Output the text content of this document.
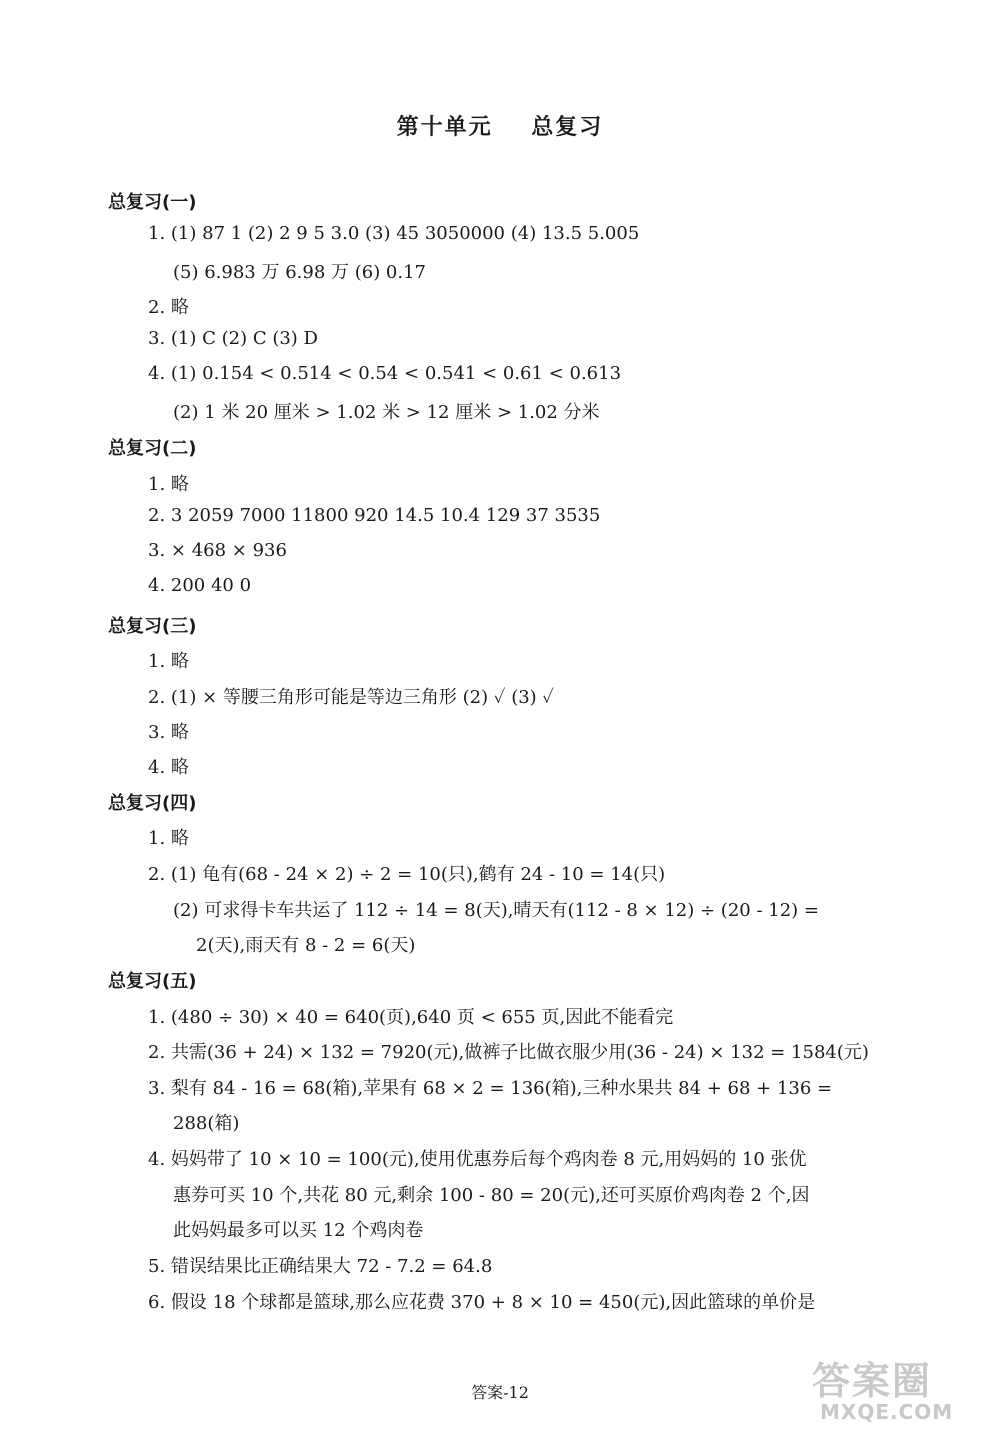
第十单元    总复习
总复习(一)
1. (1) 87 1 (2) 2 9 5 3.0 (3) 45 3050000 (4) 13.5 5.005
(5) 6.983 万 6.98 万 (6) 0.17
2. 略
3. (1) C (2) C (3) D
4. (1) 0.154 < 0.514 < 0.54 < 0.541 < 0.61 < 0.613
(2) 1 米 20 厘米 > 1.02 米 > 12 厘米 > 1.02 分米
总复习(二)
1. 略
2. 3 2059 7000 11800 920 14.5 10.4 129 37 3535
3. × 468 × 936
4. 200 40 0
总复习(三)
1. 略
2. (1) × 等腰三角形可能是等边三角形 (2) ✓ (3) ✓
3. 略
4. 略
总复习(四)
1. 略
2. (1) 龟有(68 - 24 × 2) ÷ 2 = 10(只),鹤有 24 - 10 = 14(只)
(2) 可求得卡车共运了 112 ÷ 14 = 8(天),晴天有(112 - 8 × 12) ÷ (20 - 12) =
2(天),雨天有 8 - 2 = 6(天)
总复习(五)
1. (480 ÷ 30) × 40 = 640(页),640 页 < 655 页,因此不能看完
2. 共需(36 + 24) × 132 = 7920(元),做裤子比做衣服少用(36 - 24) × 132 = 1584(元)
3. 梨有 84 - 16 = 68(箱),苹果有 68 × 2 = 136(箱),三种水果共 84 + 68 + 136 =
288(箱)
4. 妈妈带了 10 × 10 = 100(元),使用优惠券后每个鸡肉卷 8 元,用妈妈的 10 张优
惠券可买 10 个,共花 80 元,剩余 100 - 80 = 20(元),还可买原价鸡肉卷 2 个,因
此妈妈最多可以买 12 个鸡肉卷
5. 错误结果比正确结果大 72 - 7.2 = 64.8
6. 假设 18 个球都是篮球,那么应花费 370 + 8 × 10 = 450(元),因此篮球的单价是
答案-12	答案圈
MXQE.COM
